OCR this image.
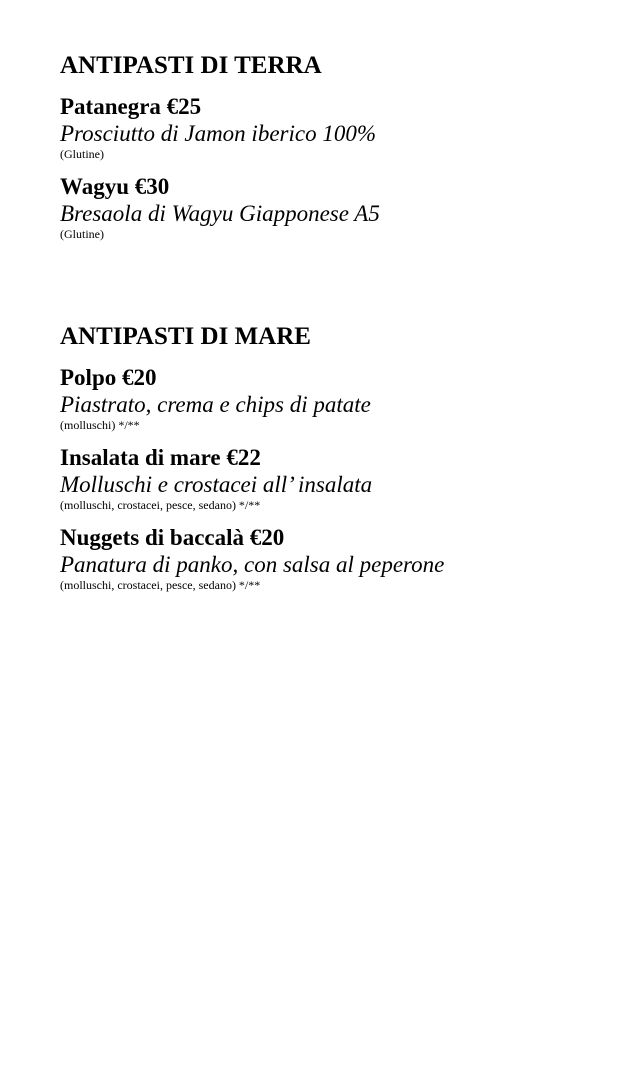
ANTIPASTI DI TERRA

Patanegra €25

Prosciutto di Jamon iberico 100%

(Glutine)

Wagyu €30

Bresaola di Wagyu Giapponese A5

(Glutine)

ANTIPASTI DI MARE

Polpo €20

Piastrato, crema e chips di patate

(molluschi) */**

Insalata di mare €22

Molluschi e crostacei all’ insalata

(molluschi, crostacei, pesce, sedano) */**

Nuggets di baccalà €20

Panatura di panko, con salsa al peperone

(molluschi, crostacei, pesce, sedano) */**
